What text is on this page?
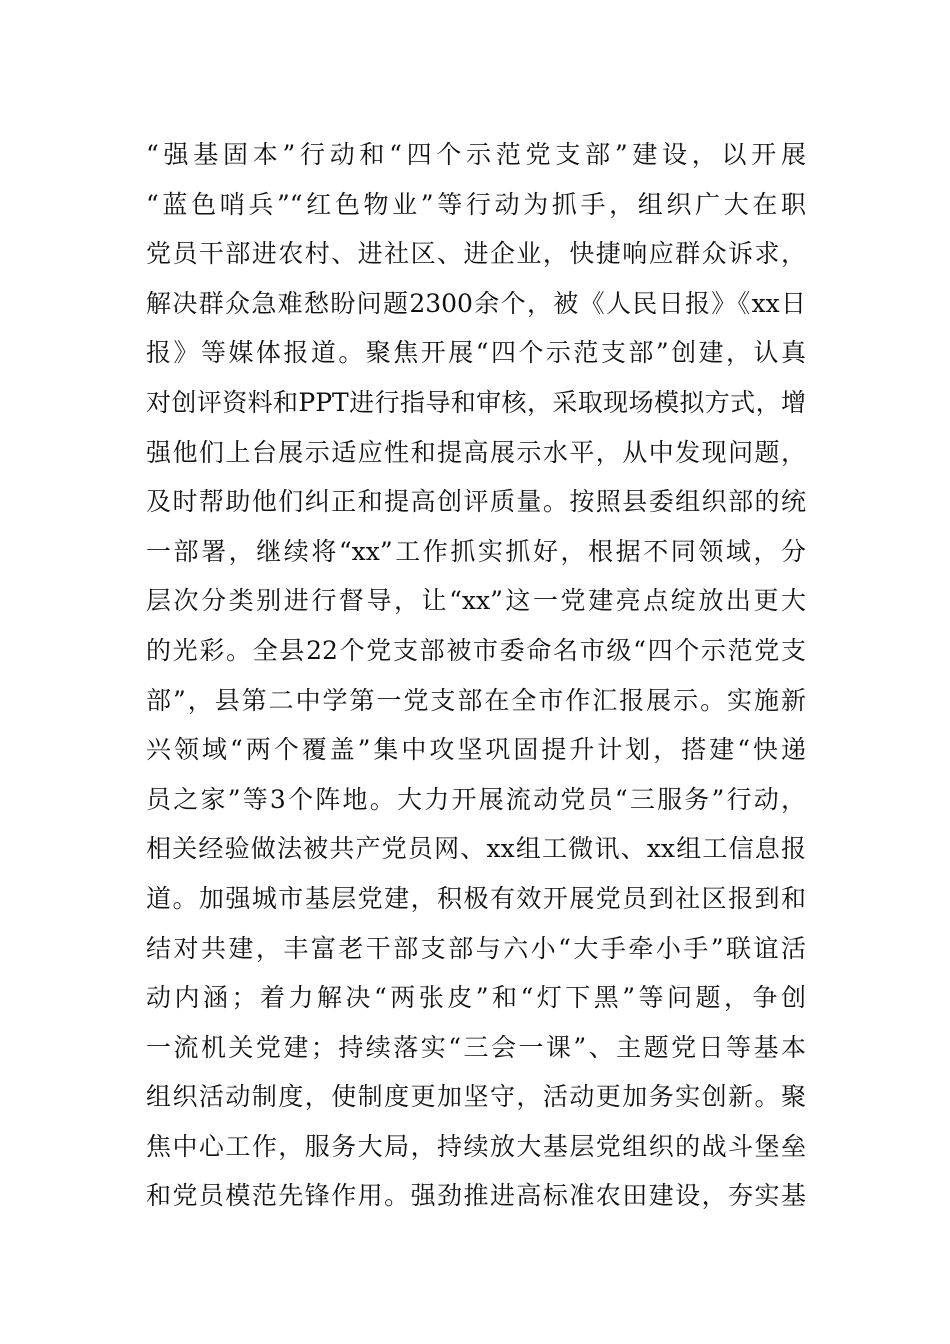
“强基固本”行动和“四个示范党支部”建设，以开展
“蓝色哨兵”“红色物业”等行动为抓手，组织广大在职
党员干部进农村、进社区、进企业，快捷响应群众诉求，
解决群众急难愁盼问题2300余个，被《人民日报》《xx日
报》等媒体报道。聚焦开展“四个示范支部”创建，认真
对创评资料和PPT进行指导和审核，采取现场模拟方式，增
强他们上台展示适应性和提高展示水平，从中发现问题，
及时帮助他们纠正和提高创评质量。按照县委组织部的统
一部署，继续将“xx”工作抓实抓好，根据不同领域，分
层次分类别进行督导，让“xx”这一党建亮点绽放出更大
的光彩。全县22个党支部被市委命名市级“四个示范党支
部”，县第二中学第一党支部在全市作汇报展示。实施新
兴领域“两个覆盖”集中攻坚巩固提升计划，搭建“快递
员之家”等3个阵地。大力开展流动党员“三服务”行动，
相关经验做法被共产党员网、xx组工微讯、xx组工信息报
道。加强城市基层党建，积极有效开展党员到社区报到和
结对共建，丰富老干部支部与六小“大手牵小手”联谊活
动内涵；着力解决“两张皮”和“灯下黑”等问题，争创
一流机关党建；持续落实“三会一课”、主题党日等基本
组织活动制度，使制度更加坚守，活动更加务实创新。聚
焦中心工作，服务大局，持续放大基层党组织的战斗堡垒
和党员模范先锋作用。强劲推进高标准农田建设，夯实基
